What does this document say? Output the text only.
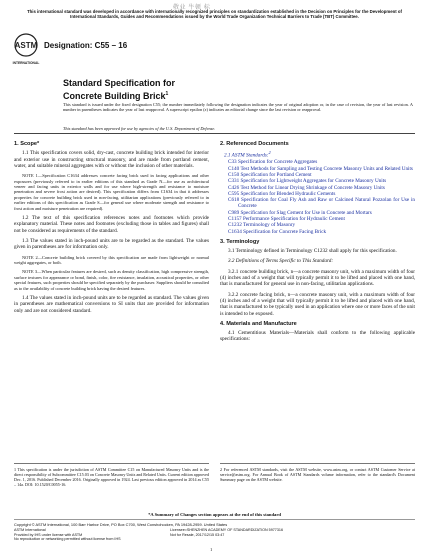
敬业 牛顿 标
This international standard was developed in accordance with internationally recognized principles on standardization established in the Decision on Principles for the Development of International Standards, Guides and Recommendations issued by the World Trade Organization Technical Barriers to Trade (TBT) Committee.
ASTM
INTERNATIONAL
Designation: C55 – 16
Standard Specification for
Concrete Building Brick$^1$
This standard is issued under the fixed designation C55; the number immediately following the designation indicates the year of original adoption or, in the case of revision, the year of last revision. A number in parentheses indicates the year of last reapproval. A superscript epsilon (ε) indicates an editorial change since the last revision or reapproval.
This standard has been approved for use by agencies of the U.S. Department of Defense.
1. Scope*

1.1 This specification covers solid, dry-cast, concrete building brick intended for interior and exterior use in constructing structural masonry, and are made from portland cement, water, and suitable mineral aggregates with or without the inclusion of other materials.

NOTE 1—Specification C1634 addresses concrete facing brick used in facing applications and other exposures (previously referred to in earlier editions of this standard as Grade N—for use as architectural veneer and facing units in exterior walls and for use where high-strength and resistance to moisture penetration and severe frost action are desired). This specification differs from C1634 in that it addresses properties for concrete building brick used in non-facing, utilitarian applications (previously referred to in earlier editions of this specification as Grade S—for general use where moderate strength and resistance to frost action and moisture penetration are required).

1.2 The text of this specification references notes and footnotes which provide explanatory material. These notes and footnotes (excluding those in tables and figures) shall not be considered as requirements of the standard.

1.3 The values stated in inch-pound units are to be regarded as the standard. The values given in parentheses are for information only.

NOTE 2—Concrete building brick covered by this specification are made from lightweight or normal weight aggregates, or both.
NOTE 3—When particular features are desired, such as density classification, high compressive strength, surface textures for appearance or bond, finish, color, fire resistance, insulation, acoustical properties, or other special features, such properties should be specified separately by the purchaser. Suppliers should be consulted as to the availability of concrete building brick having the desired features.

1.4 The values stated in inch-pound units are to be regarded as standard. The values given in parentheses are mathematical conversions to SI units that are provided for information only and are not considered standard.

2. Referenced Documents
2.1 ASTM Standards:$^2$
C33 Specification for Concrete Aggregates
C140 Test Methods for Sampling and Testing Concrete Masonry Units and Related Units
C150 Specification for Portland Cement
C331 Specification for Lightweight Aggregates for Concrete Masonry Units
C426 Test Method for Linear Drying Shrinkage of Concrete Masonry Units
C595 Specification for Blended Hydraulic Cements
C618 Specification for Coal Fly Ash and Raw or Calcined Natural Pozzolan for Use in Concrete
C989 Specification for Slag Cement for Use in Concrete and Mortars
C1157 Performance Specification for Hydraulic Cement
C1232 Terminology of Masonry
C1634 Specification for Concrete Facing Brick
3. Terminology

3.1 Terminology defined in Terminology C1232 shall apply for this specification.

3.2 Definitions of Terms Specific to This Standard:

3.2.1 concrete building brick, n—a concrete masonry unit, with a maximum width of four (4) inches and of a weight that will typically permit it to be lifted and placed with one hand, that is manufactured for general use in non-facing, utilitarian applications.

3.2.2 concrete facing brick, n—a concrete masonry unit, with a maximum width of four (4) inches and of a weight that will typically permit it to be lifted and placed with one hand, that is manufactured to be typically used in an application where one or more faces of the unit is intended to be exposed.

4. Materials and Manufacture

4.1 Cementitious Materials—Materials shall conform to the following applicable specifications:

1 This specification is under the jurisdiction of ASTM Committee C15 on Manufactured Masonry Units and is the direct responsibility of Subcommittee C15.03 on Concrete Masonry Units and Related Units. Current edition approved Dec. 1, 2016. Published December 2016. Originally approved in 1924. Last previous edition approved in 2014 as C55 – 14a. DOI: 10.1520/C0055-16.
2 For referenced ASTM standards, visit the ASTM website, www.astm.org, or contact ASTM Customer Service at service@astm.org. For Annual Book of ASTM Standards volume information, refer to the standard's Document Summary page on the ASTM website.
*A Summary of Changes section appears at the end of this standard
Copyright © ASTM International, 100 Barr Harbor Drive, PO Box C700, West Conshohocken, PA 19428-2959. United States
ASTM International
Provided by IHS under license with ASTM
No reproduction or networking permitted without license from IHS
Licensee=SHENZHEN ACADEMY OF STANDARDIZATION 5977316
Not for Resale, 2017/12/15 03:47
1
